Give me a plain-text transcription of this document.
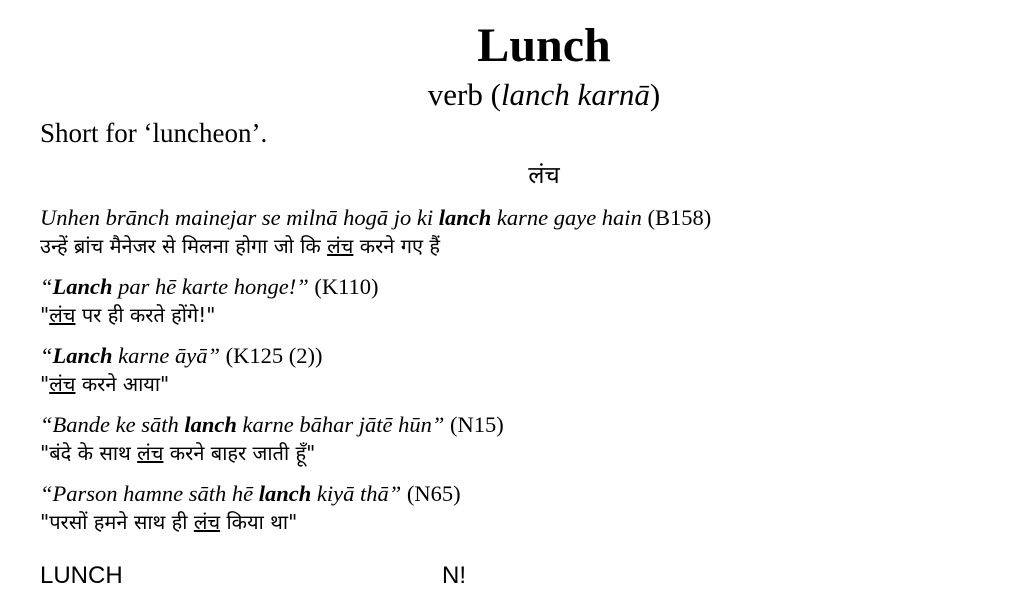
Lunch
verb (lanch karnā)
Short for ‘luncheon’.
लंच
Unhen brānch mainejar se milnā hogā jo ki lanch karne gaye hain (B158)
उन्हें ब्रांच मैनेजर से मिलना होगा जो कि लंच करने गए हैं
“Lanch par hē karte honge!” (K110)
"लंच पर ही करते होंगे!"
“Lanch karne āyā” (K125 (2))
"लंच करने आया"
“Bande ke sāth lanch karne bāhar jātē hūn” (N15)
"बंदे के साथ लंच करने बाहर जाती हूँ"
“Parson hamne sāth hē lanch kiyā thā” (N65)
"परसों हमने साथ ही लंच किया था"
LUNCH	N!
